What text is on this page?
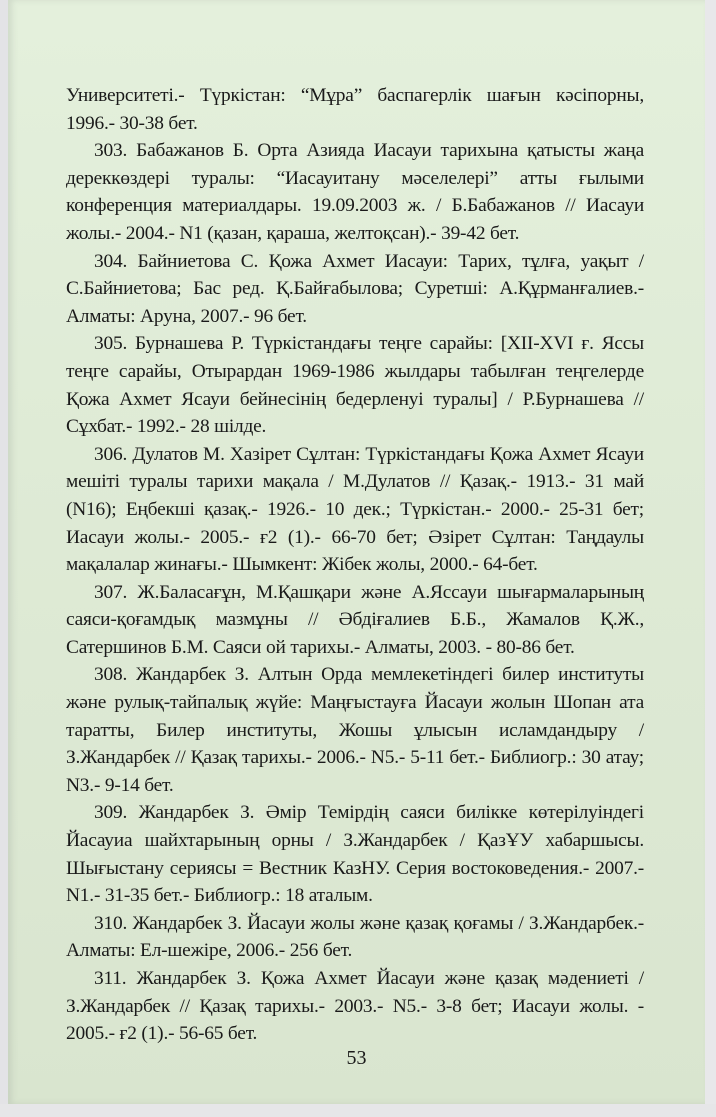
Университеті.- Түркістан: “Мұра” баспагерлік шағын кәсіпорны, 1996.- 30-38 бет.

303. Бабажанов Б. Орта Азияда Иасауи тарихына қатысты жаңа дереккөздері туралы: “Иасауитану мәселелері” атты ғылыми конференция материалдары. 19.09.2003 ж. / Б.Бабажанов // Иасауи жолы.- 2004.- N1 (қазан, қараша, желтоқсан).- 39-42 бет.

304. Байниетова С. Қожа Ахмет Иасауи: Тарих, тұлға, уақыт / С.Байниетова; Бас ред. Қ.Байғабылова; Суретші: А.Құрманғалиев.- Алматы: Аруна, 2007.- 96 бет.

305. Бурнашева Р. Түркістандағы теңге сарайы: [XII-XVI ғ. Яссы теңге сарайы, Отырардан 1969-1986 жылдары табылған теңгелерде Қожа Ахмет Ясауи бейнесінің бедерленуі туралы] / Р.Бурнашева // Сұхбат.- 1992.- 28 шілде.

306. Дулатов М. Хазірет Сұлтан: Түркістандағы Қожа Ахмет Ясауи мешіті туралы тарихи мақала / М.Дулатов // Қазақ.- 1913.- 31 май (N16); Еңбекші қазақ.- 1926.- 10 дек.; Түркістан.- 2000.- 25-31 бет; Иасауи жолы.- 2005.- ғ2 (1).- 66-70 бет; Әзірет Сұлтан: Таңдаулы мақалалар жинағы.- Шымкент: Жібек жолы, 2000.- 64-бет.

307. Ж.Баласағұн, М.Қашқари және А.Яссауи шығармаларының саяси-қоғамдық мазмұны // Әбдіғалиев Б.Б., Жамалов Қ.Ж., Сатершинов Б.М. Саяси ой тарихы.- Алматы, 2003. - 80-86 бет.

308. Жандарбек З. Алтын Орда мемлекетіндегі билер институты және рулық-тайпалық жүйе: Маңғыстауға Йасауи жолын Шопан ата таратты, Билер институты, Жошы ұлысын исламдандыру / З.Жандарбек // Қазақ тарихы.- 2006.- N5.- 5-11 бет.- Библиогр.: 30 атау; N3.- 9-14 бет.

309. Жандарбек З. Әмір Темірдің саяси билікке көтерілуіндегі Йасауиа шайхтарының орны / З.Жандарбек / ҚазҰУ хабаршысы. Шығыстану сериясы = Вестник КазНУ. Серия востоковедения.- 2007.- N1.- 31-35 бет.- Библиогр.: 18 аталым.

310. Жандарбек З. Йасауи жолы және қазақ қоғамы / З.Жандарбек.- Алматы: Ел-шежіре, 2006.- 256 бет.

311. Жандарбек З. Қожа Ахмет Йасауи және қазақ мәдениеті / З.Жандарбек // Қазақ тарихы.- 2003.- N5.- 3-8 бет; Иасауи жолы. - 2005.- ғ2 (1).- 56-65 бет.

53
